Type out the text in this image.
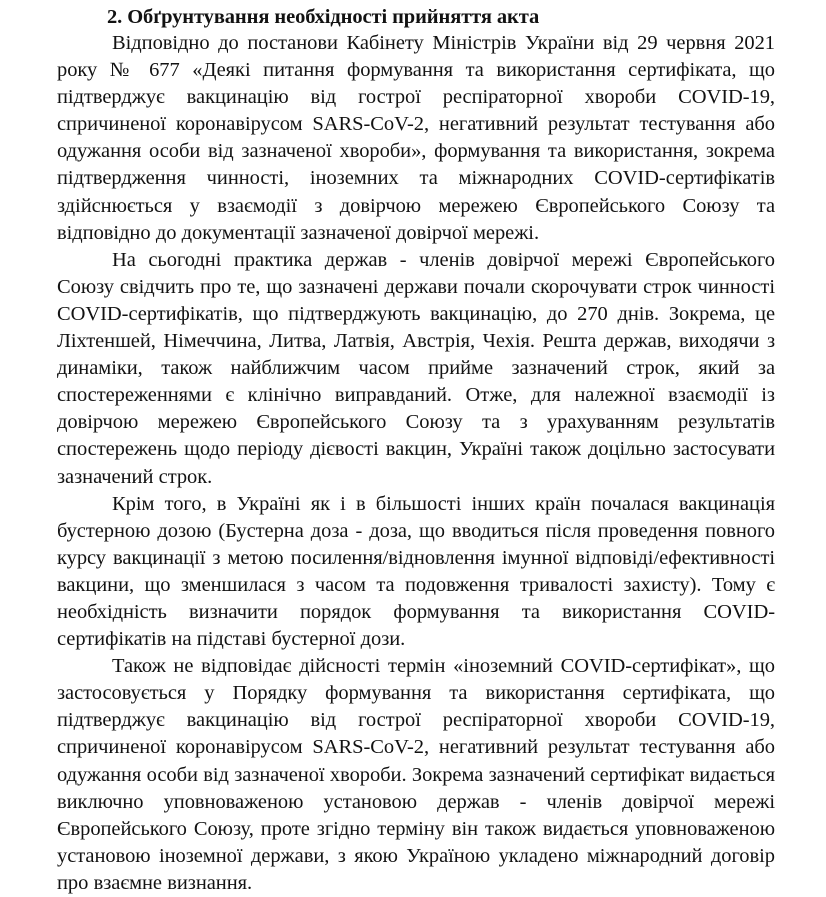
2. Обґрунтування необхідності прийняття акта

Відповідно до постанови Кабінету Міністрів України від 29 червня 2021 року № 677 «Деякі питання формування та використання сертифіката, що підтверджує вакцинацію від гострої респіраторної хвороби COVID-19, спричиненої коронавірусом SARS-CoV-2, негативний результат тестування або одужання особи від зазначеної хвороби», формування та використання, зокрема підтвердження чинності, іноземних та міжнародних COVID-сертифікатів здійснюється у взаємодії з довірчою мережею Європейського Союзу та відповідно до документації зазначеної довірчої мережі.

На сьогодні практика держав - членів довірчої мережі Європейського Союзу свідчить про те, що зазначені держави почали скорочувати строк чинності COVID-сертифікатів, що підтверджують вакцинацію, до 270 днів. Зокрема, це Ліхтеншей, Німеччина, Литва, Латвія, Австрія, Чехія. Решта держав, виходячи з динаміки, також найближчим часом прийме зазначений строк, який за спостереженнями є клінічно виправданий. Отже, для належної взаємодії із довірчою мережею Європейського Союзу та з урахуванням результатів спостережень щодо періоду дієвості вакцин, Україні також доцільно застосувати зазначений строк.

Крім того, в Україні як і в більшості інших країн почалася вакцинація бустерною дозою (Бустерна доза - доза, що вводиться після проведення повного курсу вакцинації з метою посилення/відновлення імунної відповіді/ефективності вакцини, що зменшилася з часом та подовження тривалості захисту). Тому є необхідність визначити порядок формування та використання COVID-сертифікатів на підставі бустерної дози.

Також не відповідає дійсності термін «іноземний COVID-сертифікат», що застосовується у Порядку формування та використання сертифіката, що підтверджує вакцинацію від гострої респіраторної хвороби COVID-19, спричиненої коронавірусом SARS-CoV-2, негативний результат тестування або одужання особи від зазначеної хвороби. Зокрема зазначений сертифікат видається виключно уповноваженою установою держав - членів довірчої мережі Європейського Союзу, проте згідно терміну він також видається уповноваженою установою іноземної держави, з якою Україною укладено міжнародний договір про взаємне визнання.
